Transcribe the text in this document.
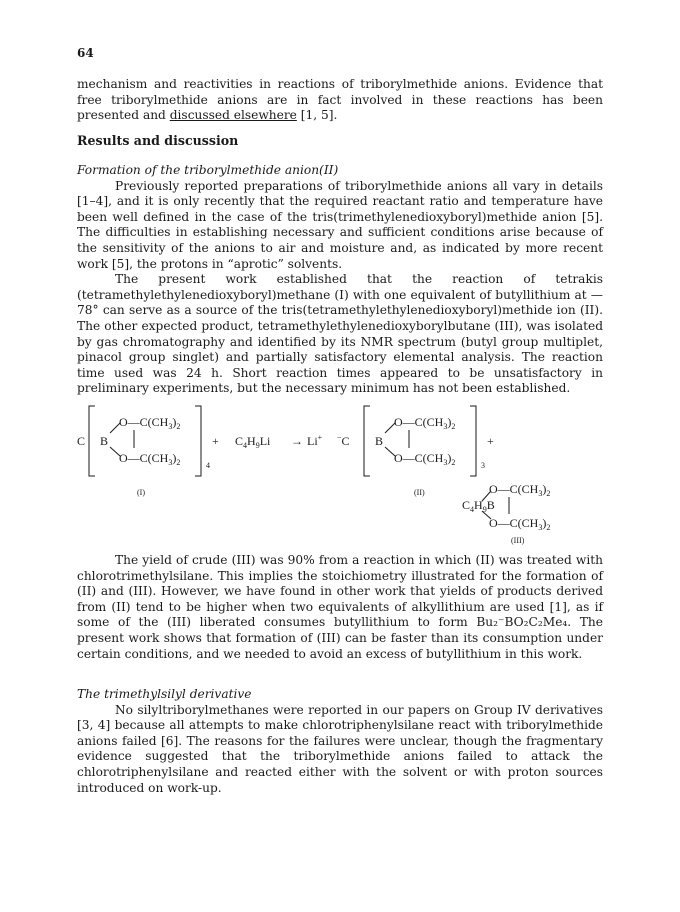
64

mechanism and reactivities in reactions of triborylmethide anions. Evidence that free triborylmethide anions are in fact involved in these reactions has been presented and discussed elsewhere [1, 5].

Results and discussion

Formation of the triborylmethide anion(II)

Previously reported preparations of triborylmethide anions all vary in details [1–4], and it is only recently that the required reactant ratio and temperature have been well defined in the case of the tris(trimethylenedioxyboryl)methide anion [5]. The difficulties in establishing necessary and sufficient conditions arise because of the sensitivity of the anions to air and moisture and, as indicated by more recent work [5], the protons in “aprotic” solvents.

The present work established that the reaction of tetrakis (tetramethylethylenedioxyboryl)methane (I) with one equivalent of butyllithium at —78° can serve as a source of the tris(tetramethylethylenedioxyboryl)methide ion (II). The other expected product, tetramethylethylenedioxyborylbutane (III), was isolated by gas chromatography and identified by its NMR spectrum (butyl group multiplet, pinacol group singlet) and partially satisfactory elemental analysis. The reaction time used was 24 h. Short reaction times appeared to be unsatisfactory in preliminary experiments, but the necessary minimum has not been established.

C B
$O—C(CH_3)_2$
$O—C(CH_3)_2$	4
(I)
+ $C_4H_9Li \to Li^+$ −C B
$O—C(CH_3)_2$
$O—C(CH_3)_2$	3
(II)
+
$C_4H_9B$
$O—C(CH_3)_2$
$O—C(CH_3)_2$
(III)

The yield of crude (III) was 90% from a reaction in which (II) was treated with chlorotrimethylsilane. This implies the stoichiometry illustrated for the formation of (II) and (III). However, we have found in other work that yields of products derived from (II) tend to be higher when two equivalents of alkyllithium are used [1], as if some of the (III) liberated consumes butyllithium to form Bu₂⁻BO₂C₂Me₄. The present work shows that formation of (III) can be faster than its consumption under certain conditions, and we needed to avoid an excess of butyllithium in this work.

The trimethylsilyl derivative

No silyltriborylmethanes were reported in our papers on Group IV derivatives [3, 4] because all attempts to make chlorotriphenylsilane react with triborylmethide anions failed [6]. The reasons for the failures were unclear, though the fragmentary evidence suggested that the triborylmethide anions failed to attack the chlorotriphenylsilane and reacted either with the solvent or with proton sources introduced on work-up.
